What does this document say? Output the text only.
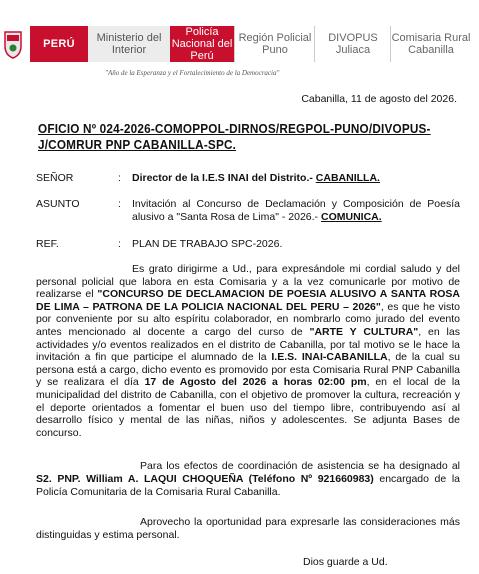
PERÚ	Ministerio del Interior
Policía Nacional del Perú
Región Policial Puno
DIVOPUS Juliaca
Comisaria Rural Cabanilla
"Año de la Esperanza y el Fortalecimiento de la Democracia"
Cabanilla, 11 de agosto del 2026.
OFICIO Nº 024-2026-COMOPPOL-DIRNOS/REGPOL-PUNO/DIVOPUS-J/COMRUR PNP CABANILLA-SPC.
SEÑOR	: Director de la I.E.S INAI del Distrito.- CABANILLA.
ASUNTO	: Invitación al Concurso de Declamación y Composición de Poesía alusivo a "Santa Rosa de Lima" - 2026.- COMUNICA.
REF.	: PLAN DE TRABAJO SPC-2026.
Es grato dirigirme a Ud., para expresándole mi cordial saludo y del personal policial que labora en esta Comisaria y a la vez comunicarle por motivo de realizarse el "CONCURSO DE DECLAMACION DE POESIA ALUSIVO A SANTA ROSA DE LIMA – PATRONA DE LA POLICIA NACIONAL DEL PERU – 2026", es que he visto por conveniente por su alto espíritu colaborador, en nombrarlo como jurado del evento antes mencionado al docente a cargo del curso de "ARTE Y CULTURA", en las actividades y/o eventos realizados en el distrito de Cabanilla, por tal motivo se le hace la invitación a fin que participe el alumnado de la I.E.S. INAI-CABANILLA, de la cual su persona está a cargo, dicho evento es promovido por esta Comisaria Rural PNP Cabanilla y se realizara el día 17 de Agosto del 2026 a horas 02:00 pm, en el local de la municipalidad del distrito de Cabanilla, con el objetivo de promover la cultura, recreación y el deporte orientados a fomentar el buen uso del tiempo libre, contribuyendo así al desarrollo físico y mental de las niñas, niños y adolescentes. Se adjunta Bases de concurso.
Para los efectos de coordinación de asistencia se ha designado al S2. PNP. William A. LAQUI CHOQUEÑA (Teléfono Nº 921660983) encargado de la Policía Comunitaria de la Comisaria Rural Cabanilla.
Aprovecho la oportunidad para expresarle las consideraciones más distinguidas y estima personal.
Dios guarde a Ud.
